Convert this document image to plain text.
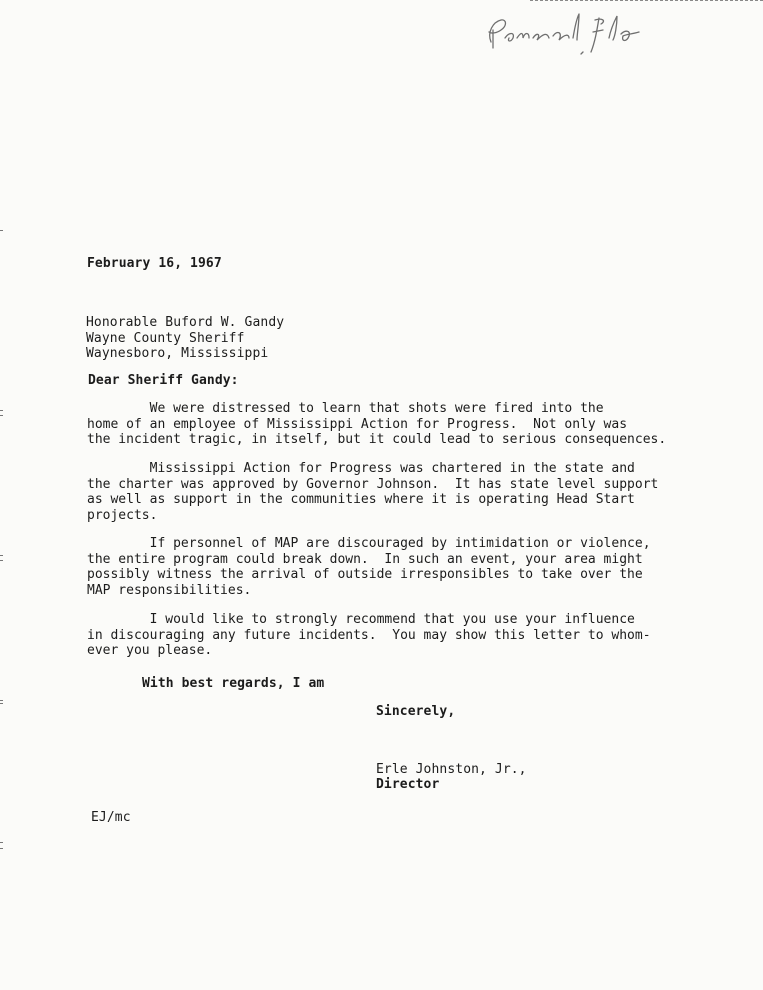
February 16, 1967
Honorable Buford W. Gandy
Wayne County Sheriff
Waynesboro, Mississippi
Dear Sheriff Gandy:
We were distressed to learn that shots were fired into the
home of an employee of Mississippi Action for Progress.  Not only was
the incident tragic, in itself, but it could lead to serious consequences.
Mississippi Action for Progress was chartered in the state and
the charter was approved by Governor Johnson.  It has state level support
as well as support in the communities where it is operating Head Start
projects.
If personnel of MAP are discouraged by intimidation or violence,
the entire program could break down.  In such an event, your area might
possibly witness the arrival of outside irresponsibles to take over the
MAP responsibilities.
I would like to strongly recommend that you use your influence
in discouraging any future incidents.  You may show this letter to whom-
ever you please.
With best regards, I am
Sincerely,
Erle Johnston, Jr.,
Director
EJ/mc
